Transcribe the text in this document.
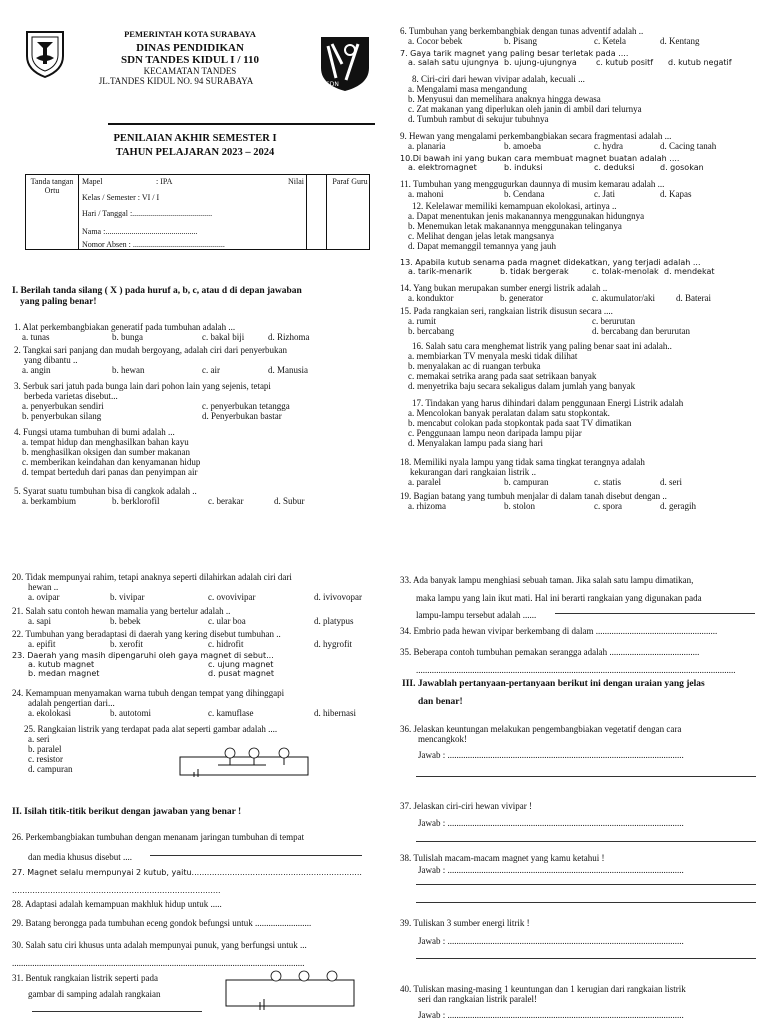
PEMERINTAH KOTA SURABAYA
DINAS PENDIDIKAN
SDN TANDES KIDUL I / 110
KECAMATAN TANDES
JL.TANDES KIDUL NO. 94 SURABAYA	SDN
PENILAIAN AKHIR SEMESTER I
TAHUN PELAJARAN 2023 – 2024
Tanda tangan Ortu
Mapel	: IPA
Kelas / Semester : VI / I
Hari / Tanggal :........................................
Nama :..............................................
Nomor Absen : ..............................................
Nilai	Paraf Guru
I. Berilah tanda silang ( X ) pada huruf a, b, c, atau d di depan jawaban
yang paling benar!
1. Alat perkembangbiakan generatif pada tumbuhan adalah ...
a. tunas	b. bunga	c. bakal biji	d. Rizhoma
2. Tangkai sari panjang dan mudah bergoyang, adalah ciri dari penyerbukan
yang dibantu ..
a. angin	b. hewan	c. air	d. Manusia
3. Serbuk sari jatuh pada bunga lain dari pohon lain yang sejenis, tetapi
berbeda varietas disebut...
a. penyerbukan sendiri	c. penyerbukan tetangga
b. penyerbukan silang	d. Penyerbukan bastar
4. Fungsi utama tumbuhan di bumi adalah ...
a. tempat hidup dan menghasilkan bahan kayu
b. menghasilkan oksigen dan sumber makanan
c. memberikan keindahan dan kenyamanan hidup
d. tempat berteduh dari panas dan penyimpan air
5. Syarat suatu tumbuhan bisa di cangkok adalah ..
a. berkambium	b. berklorofil	c. berakar	d. Subur
6. Tumbuhan yang berkembangbiak dengan tunas adventif adalah ..
a. Cocor bebek	b. Pisang	c. Ketela	d. Kentang
7. Gaya tarik magnet yang paling besar terletak pada ....
a. salah satu ujungnya b. ujung-ujungnya	c. kutub positf	d. kutub negatif
8. Ciri-ciri dari hewan vivipar adalah, kecuali ...
a. Mengalami masa mengandung
b. Menyusui dan memelihara anaknya hingga dewasa
c. Zat makanan yang diperlukan oleh janin di ambil dari telurnya
d. Tumbuh rambut di sekujur tubuhnya
9. Hewan yang mengalami perkembangbiakan secara fragmentasi adalah ...
a. planaria	b. amoeba	c. hydra	d. Cacing tanah
10.Di bawah ini yang bukan cara membuat magnet buatan adalah ....
a. elektromagnet	b. induksi	c. deduksi	d. gosokan
11. Tumbuhan yang menggugurkan daunnya di musim kemarau adalah ...
a. mahoni	b. Cendana	c. Jati	d. Kapas
12. Kelelawar memiliki kemampuan ekolokasi, artinya ..
a. Dapat menentukan jenis makanannya menggunakan hidungnya
b. Menemukan letak makanannya menggunakan telinganya
c. Melihat dengan jelas letak mangsanya
d. Dapat memanggil temannya yang jauh
13. Apabila kutub senama pada magnet didekatkan, yang terjadi adalah ...
a. tarik-menarik	b. tidak bergerak	c. tolak-menolak d. mendekat
14. Yang bukan merupakan sumber energi listrik adalah ..
a. konduktor	b. generator	c. akumulator/aki	d. Baterai
15. Pada rangkaian seri, rangkaian listrik disusun secara ....
a. rumit	c. berurutan
b. bercabang	d. bercabang dan berurutan
16. Salah satu cara menghemat listrik yang paling benar saat ini adalah..
a. membiarkan TV menyala meski tidak dilihat
b. menyalakan ac di ruangan terbuka
c. memakai setrika arang pada saat setrikaan banyak
d. menyetrika baju secara sekaligus dalam jumlah yang banyak
17. Tindakan yang harus dihindari dalam penggunaan Energi Listrik adalah
a. Mencolokan banyak peralatan dalam satu stopkontak.
b. mencabut colokan pada stopkontak pada saat TV dimatikan
c. Penggunaan lampu neon daripada lampu pijar
d. Menyalakan lampu pada siang hari
18. Memiliki nyala lampu yang tidak sama tingkat terangnya adalah
kekurangan dari rangkaian listrik ..
a. paralel	b. campuran	c. statis	d. seri
19. Bagian batang yang tumbuh menjalar di dalam tanah disebut dengan ..
a. rhizoma	b. stolon	c. spora	d. geragih
20. Tidak mempunyai rahim, tetapi anaknya seperti dilahirkan adalah ciri dari
hewan ..
a. ovipar	b. vivipar	c. ovovivipar	d. ivivovopar
21. Salah satu contoh hewan mamalia yang bertelur adalah ..
a. sapi	b. bebek	c. ular boa	d. platypus
22. Tumbuhan yang beradaptasi di daerah yang kering disebut tumbuhan ..
a. epifit	b. xerofit	c. hidrofit	d. hygrofit
23. Daerah yang masih dipengaruhi oleh gaya magnet di sebut...
a. kutub magnet	c. ujung magnet
b. medan magnet	d. pusat magnet
24. Kemampuan menyamakan warna tubuh dengan tempat yang dihinggapi
adalah pengertian dari...
a. ekolokasi	b. autotomi	c. kamuflase	d. hibernasi
25. Rangkaian listrik yang terdapat pada alat seperti gambar adalah ....
a. seri
b. paralel
c. resistor
d. campuran
II. Isilah titik-titik berikut dengan jawaban yang benar !
26. Perkembangbiakan tumbuhan dengan menanam jaringan tumbuhan di tempat
dan media khusus disebut ....
27. Magnet selalu mempunyai 2 kutub, yaitu...................................................................
..................................................................................
28. Adaptasi adalah kemampuan makhluk hidup untuk .....
29. Batang berongga pada tumbuhan eceng gondok befungsi untuk .........................
30. Salah satu ciri khusus unta adalah mempunyai punuk, yang berfungsi untuk ...
..................................................................................................................................
31. Bentuk rangkaian listrik seperti pada
gambar di samping adalah rangkaian
33. Ada banyak lampu menghiasi sebuah taman. Jika salah satu lampu dimatikan,
maka lampu yang lain ikut mati. Hal ini berarti rangkaian yang digunakan pada
lampu-lampu tersebut adalah ......
34. Embrio pada hewan vivipar berkembang di dalam ......................................................
35. Beberapa contoh tumbuhan pemakan serangga adalah ........................................
..............................................................................................................................................
III. Jawablah pertanyaan-pertanyaan berikut ini dengan uraian yang jelas
dan benar!
36. Jelaskan keuntungan melakukan pengembangbiakan vegetatif dengan cara
mencangkok!
Jawab : .........................................................................................................
37. Jelaskan ciri-ciri hewan vivipar !
Jawab : .........................................................................................................
38. Tulislah macam-macam magnet yang kamu ketahui !
Jawab : .........................................................................................................
39. Tuliskan 3 sumber energi litrik !
Jawab : .........................................................................................................
40. Tuliskan masing-masing 1 keuntungan dan 1 kerugian dari rangkaian listrik
seri dan rangkaian listrik paralel!
Jawab : .........................................................................................................
